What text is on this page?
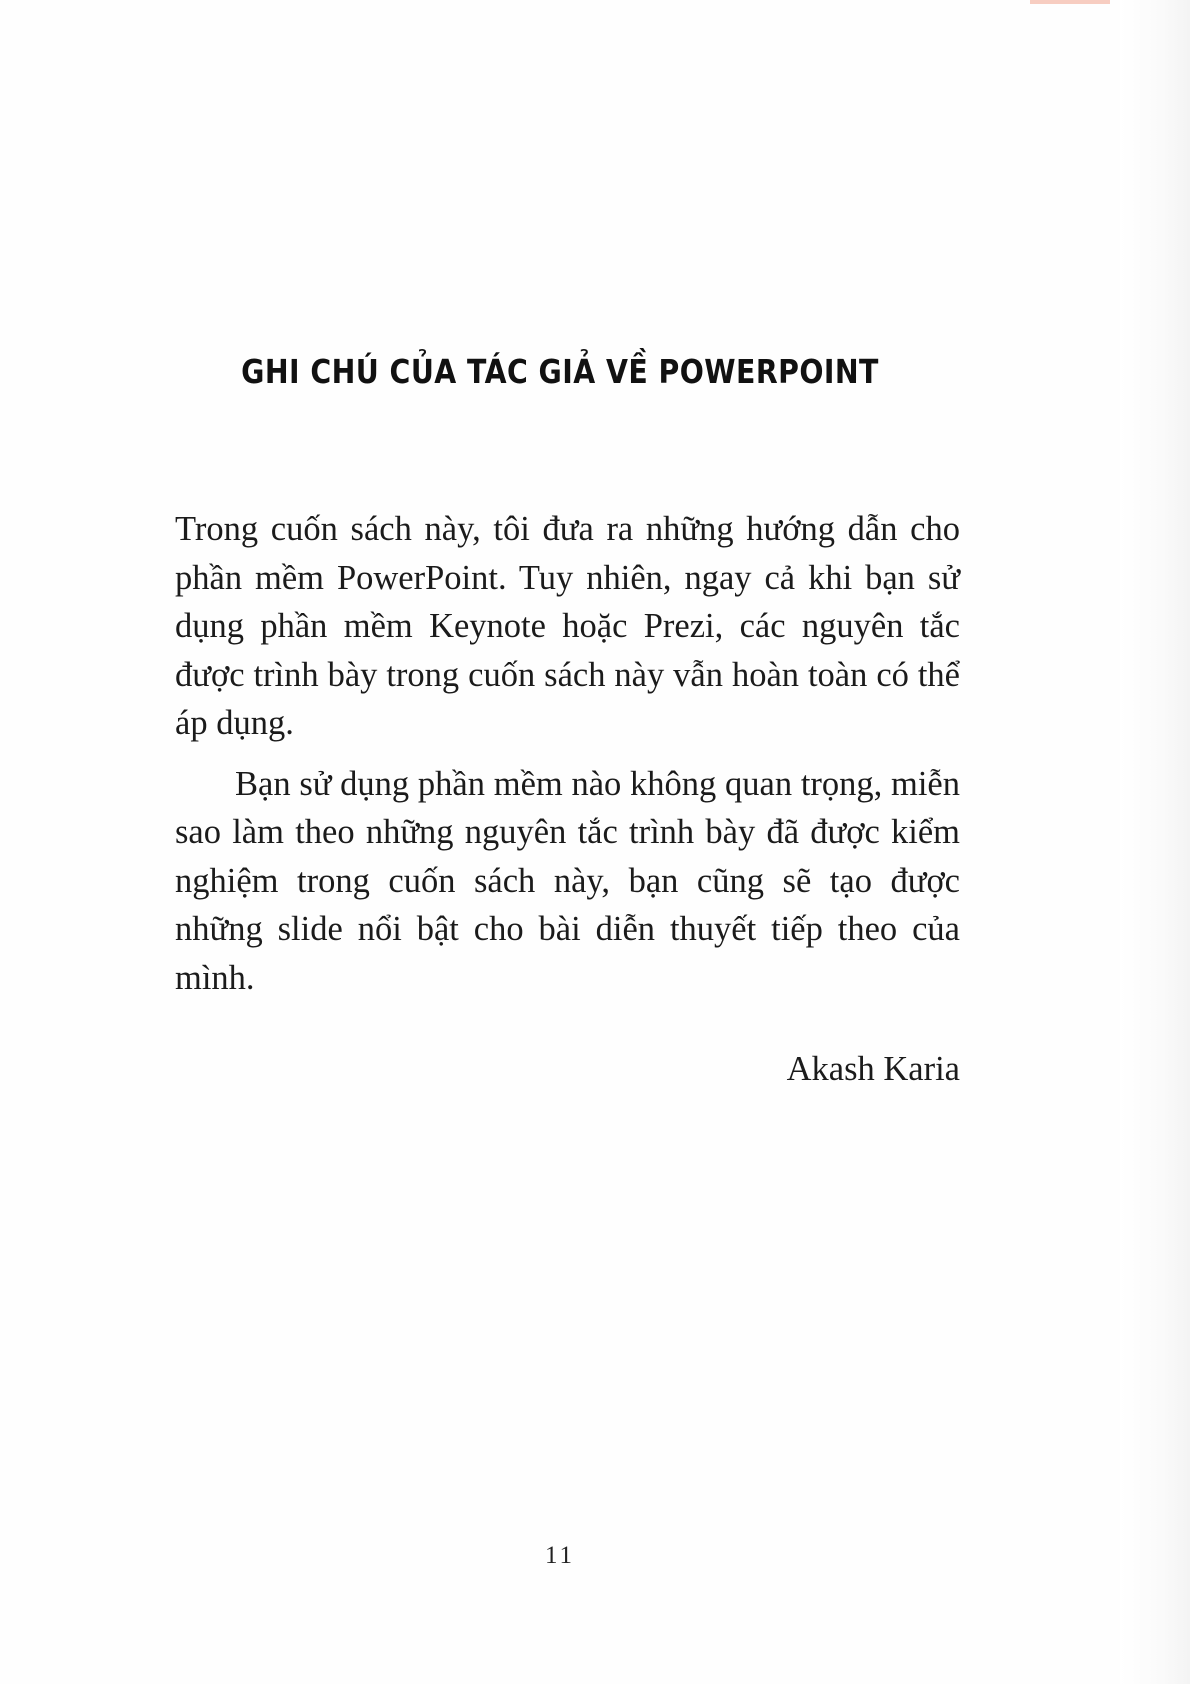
GHI CHÚ CỦA TÁC GIẢ VỀ POWERPOINT

Trong cuốn sách này, tôi đưa ra những hướng dẫn cho phần mềm PowerPoint. Tuy nhiên, ngay cả khi bạn sử dụng phần mềm Keynote hoặc Prezi, các nguyên tắc được trình bày trong cuốn sách này vẫn hoàn toàn có thể áp dụng.

Bạn sử dụng phần mềm nào không quan trọng, miễn sao làm theo những nguyên tắc trình bày đã được kiểm nghiệm trong cuốn sách này, bạn cũng sẽ tạo được những slide nổi bật cho bài diễn thuyết tiếp theo của mình.

Akash Karia
11
